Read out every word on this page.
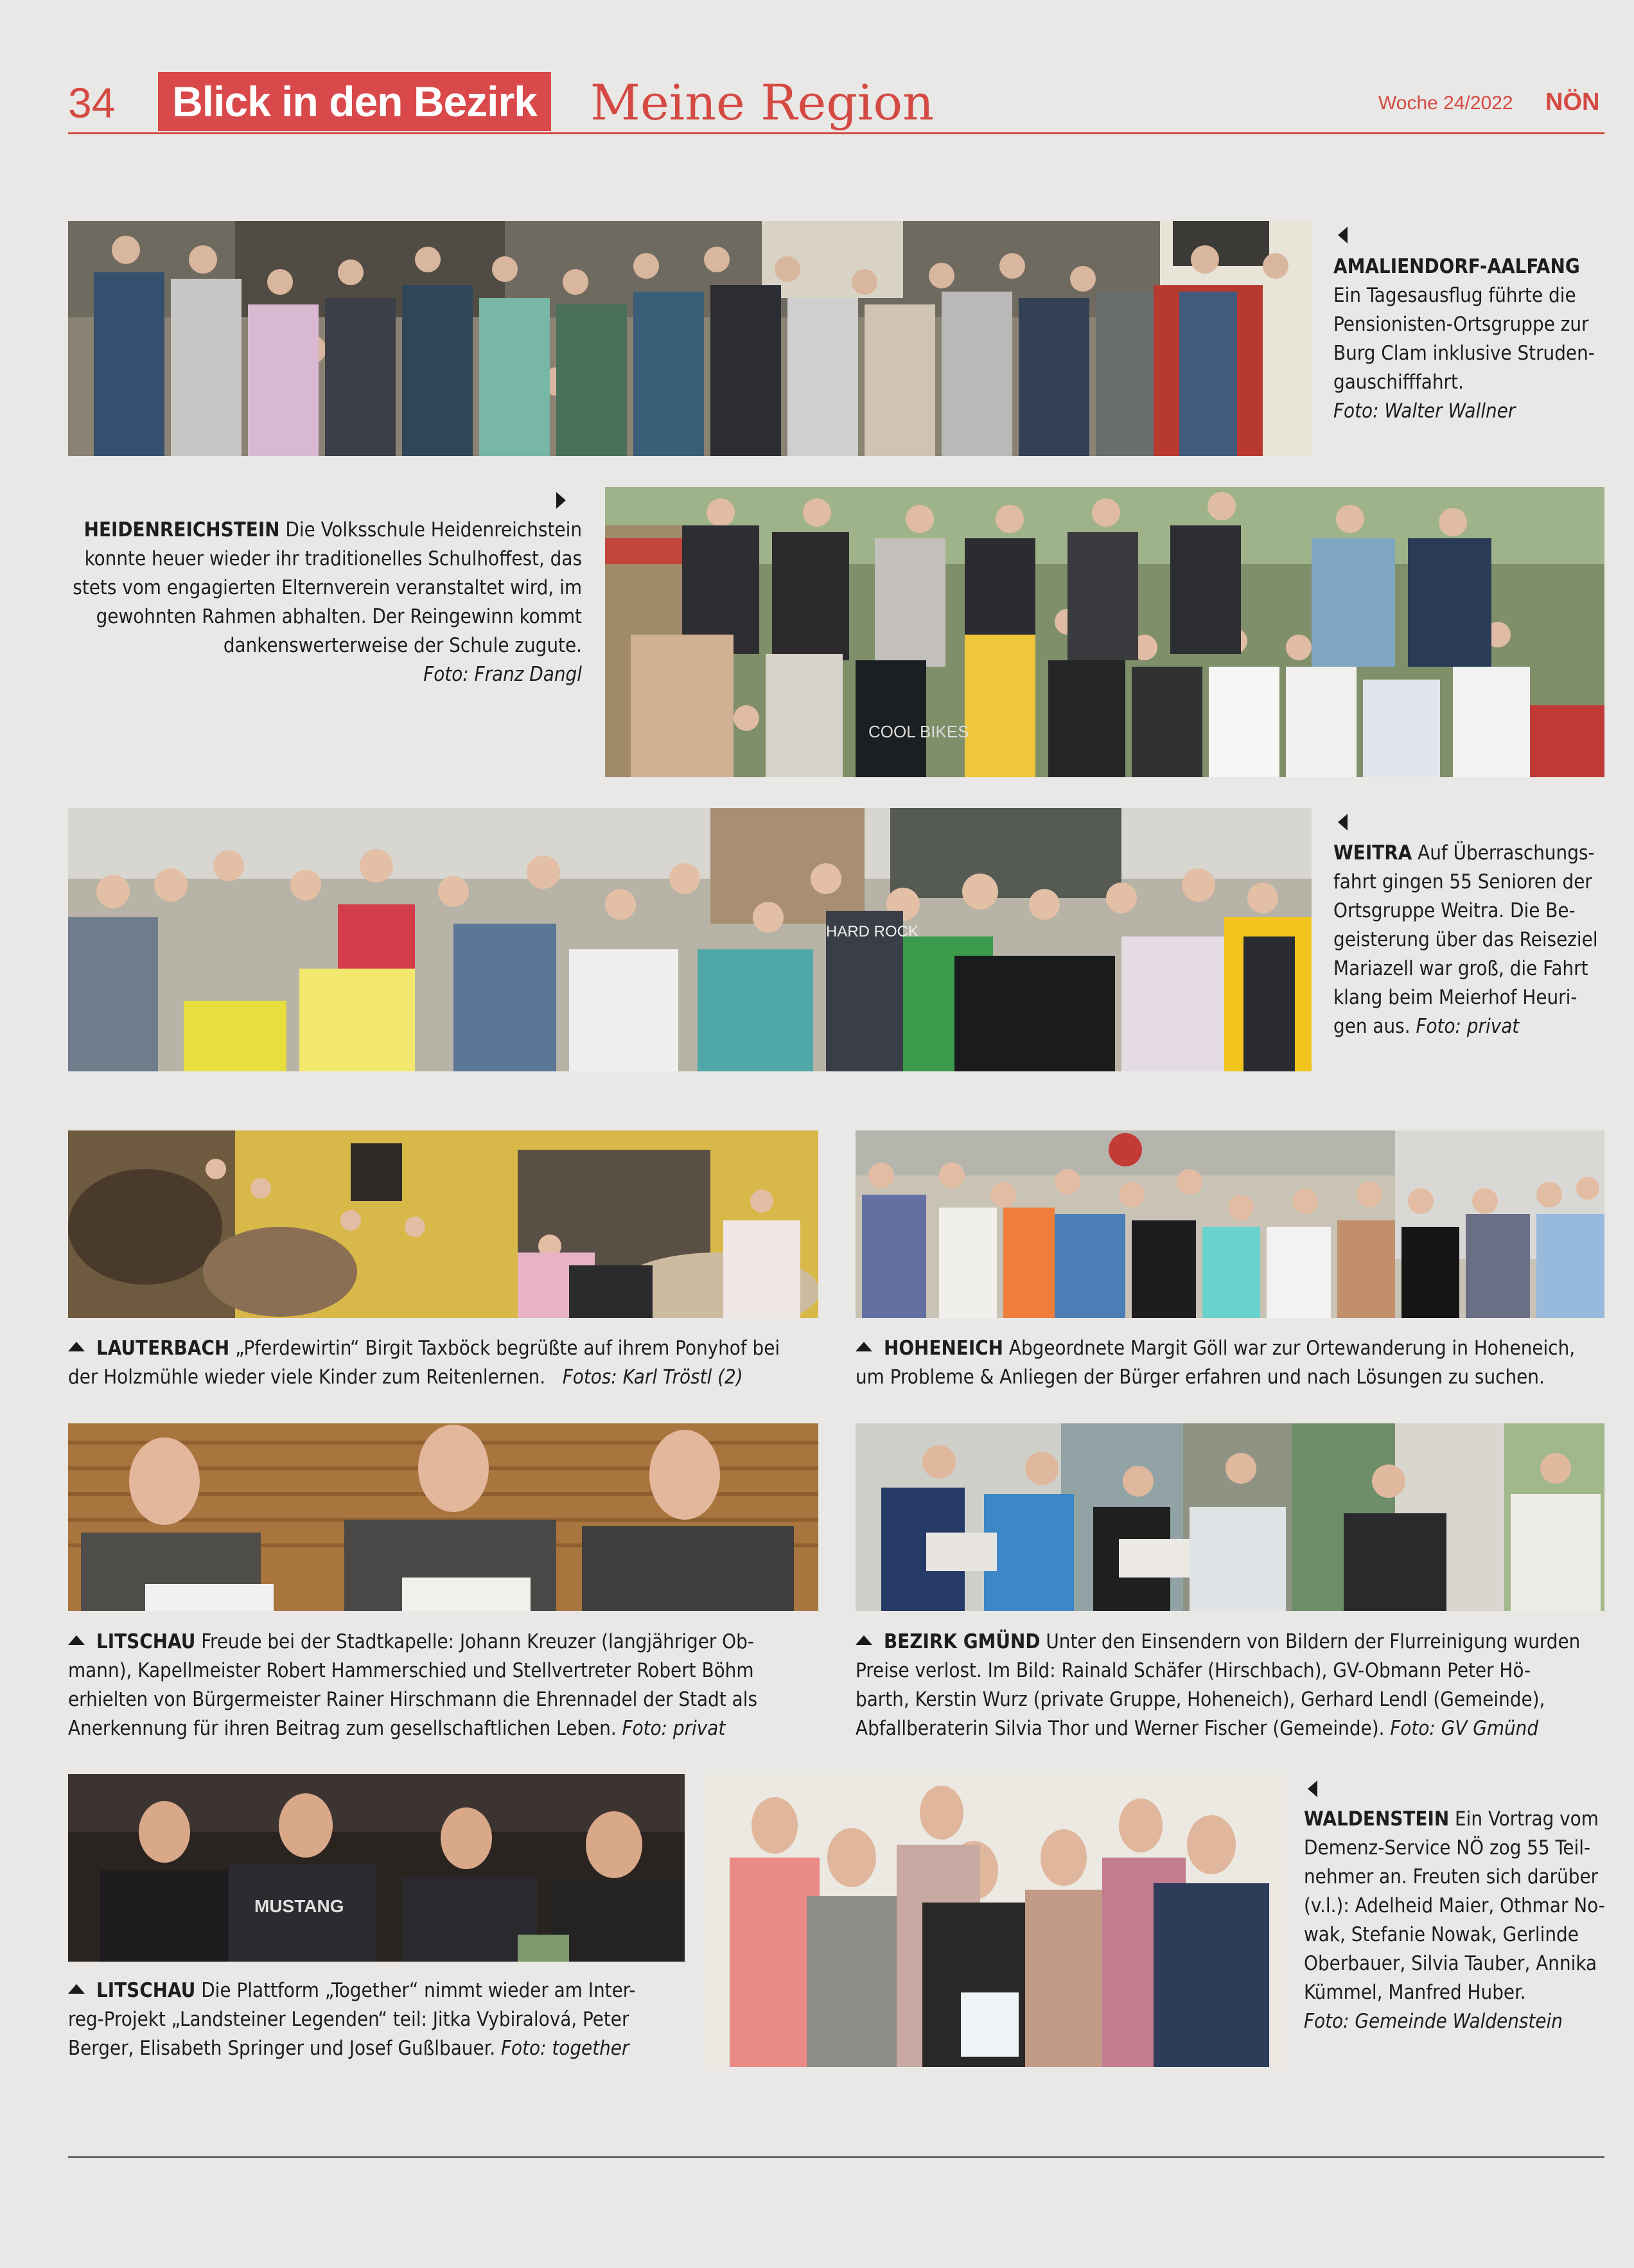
34	Blick in den Bezirk Meine Region	Woche 24/2022 NÖN
AMALIENDORF-AALFANG
Ein Tagesausflug führte die
Pensionisten-Ortsgruppe zur
Burg Clam inklusive Struden-
gauschifffahrt.
Foto: Walter Wallner
HEIDENREICHSTEIN Die Volksschule Heidenreichstein
konnte heuer wieder ihr traditionelles Schulhoffest, das
stets vom engagierten Elternverein veranstaltet wird, im
gewohnten Rahmen abhalten. Der Reingewinn kommt
dankenswerterweise der Schule zugute.
Foto: Franz Dangl
COOL BIKES
HARD ROCK
WEITRA Auf Überraschungs-
fahrt gingen 55 Senioren der
Ortsgruppe Weitra. Die Be-
geisterung über das Reiseziel
Mariazell war groß, die Fahrt
klang beim Meierhof Heuri-
gen aus. Foto: privat
LAUTERBACH „Pferdewirtin“ Birgit Taxböck begrüßte auf ihrem Ponyhof bei
der Holzmühle wieder viele Kinder zum Reitenlernen. Fotos: Karl Tröstl (2)
HOHENEICH Abgeordnete Margit Göll war zur Ortewanderung in Hoheneich,
um Probleme & Anliegen der Bürger erfahren und nach Lösungen zu suchen.
LITSCHAU Freude bei der Stadtkapelle: Johann Kreuzer (langjähriger Ob-
mann), Kapellmeister Robert Hammerschied und Stellvertreter Robert Böhm
erhielten von Bürgermeister Rainer Hirschmann die Ehrennadel der Stadt als
Anerkennung für ihren Beitrag zum gesellschaftlichen Leben. Foto: privat
BEZIRK GMÜND Unter den Einsendern von Bildern der Flurreinigung wurden
Preise verlost. Im Bild: Rainald Schäfer (Hirschbach), GV-Obmann Peter Hö-
barth, Kerstin Wurz (private Gruppe, Hoheneich), Gerhard Lendl (Gemeinde),
Abfallberaterin Silvia Thor und Werner Fischer (Gemeinde). Foto: GV Gmünd
MUSTANG
LITSCHAU Die Plattform „Together“ nimmt wieder am Inter-
reg-Projekt „Landsteiner Legenden“ teil: Jitka Vybiralová, Peter
Berger, Elisabeth Springer und Josef Gußlbauer. Foto: together
WALDENSTEIN Ein Vortrag vom
Demenz-Service NÖ zog 55 Teil-
nehmer an. Freuten sich darüber
(v.l.): Adelheid Maier, Othmar No-
wak, Stefanie Nowak, Gerlinde
Oberbauer, Silvia Tauber, Annika
Kümmel, Manfred Huber.
Foto: Gemeinde Waldenstein
